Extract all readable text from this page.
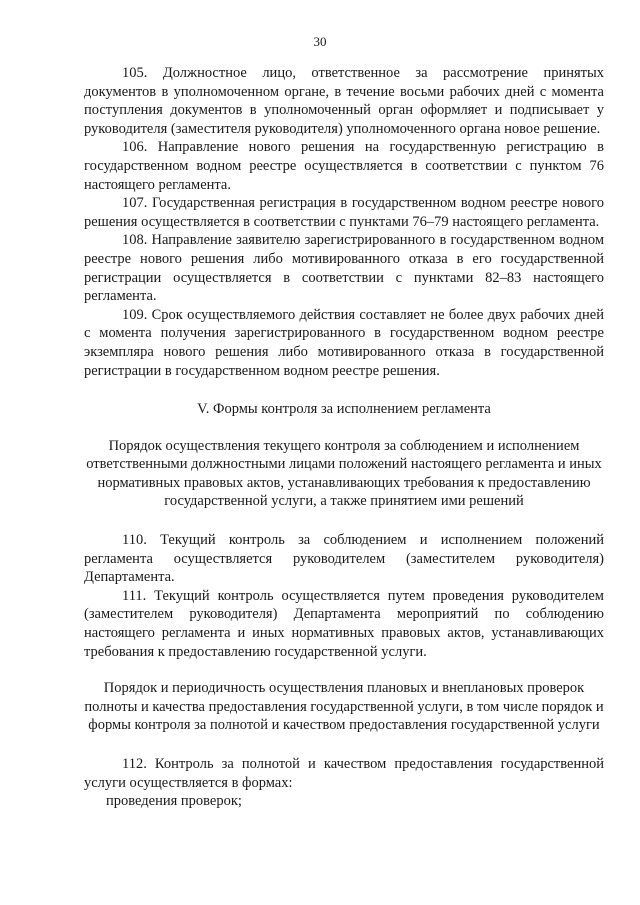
30

105. Должностное лицо, ответственное за рассмотрение принятых документов в уполномоченном органе, в течение восьми рабочих дней с момента поступления документов в уполномоченный орган оформляет и подписывает у руководителя (заместителя руководителя) уполномоченного органа новое решение.

106. Направление нового решения на государственную регистрацию в государственном водном реестре осуществляется в соответствии с пунктом 76 настоящего регламента.

107. Государственная регистрация в государственном водном реестре нового решения осуществляется в соответствии с пунктами 76–79 настоящего регламента.

108. Направление заявителю зарегистрированного в государственном водном реестре нового решения либо мотивированного отказа в его государственной регистрации осуществляется в соответствии с пунктами 82–83 настоящего регламента.

109. Срок осуществляемого действия составляет не более двух рабочих дней с момента получения зарегистрированного в государственном водном реестре экземпляра нового решения либо мотивированного отказа в государственной регистрации в государственном водном реестре решения.

V. Формы контроля за исполнением регламента

Порядок осуществления текущего контроля за соблюдением и исполнением ответственными должностными лицами положений настоящего регламента и иных нормативных правовых актов, устанавливающих требования к предоставлению государственной услуги, а также принятием ими решений

110. Текущий контроль за соблюдением и исполнением положений регламента осуществляется руководителем (заместителем руководителя) Департамента.

111. Текущий контроль осуществляется путем проведения руководителем (заместителем руководителя) Департамента мероприятий по соблюдению настоящего регламента и иных нормативных правовых актов, устанавливающих требования к предоставлению государственной услуги.

Порядок и периодичность осуществления плановых и внеплановых проверок полноты и качества предоставления государственной услуги, в том числе порядок и формы контроля за полнотой и качеством предоставления государственной услуги

112. Контроль за полнотой и качеством предоставления государственной услуги осуществляется в формах:

проведения проверок;
